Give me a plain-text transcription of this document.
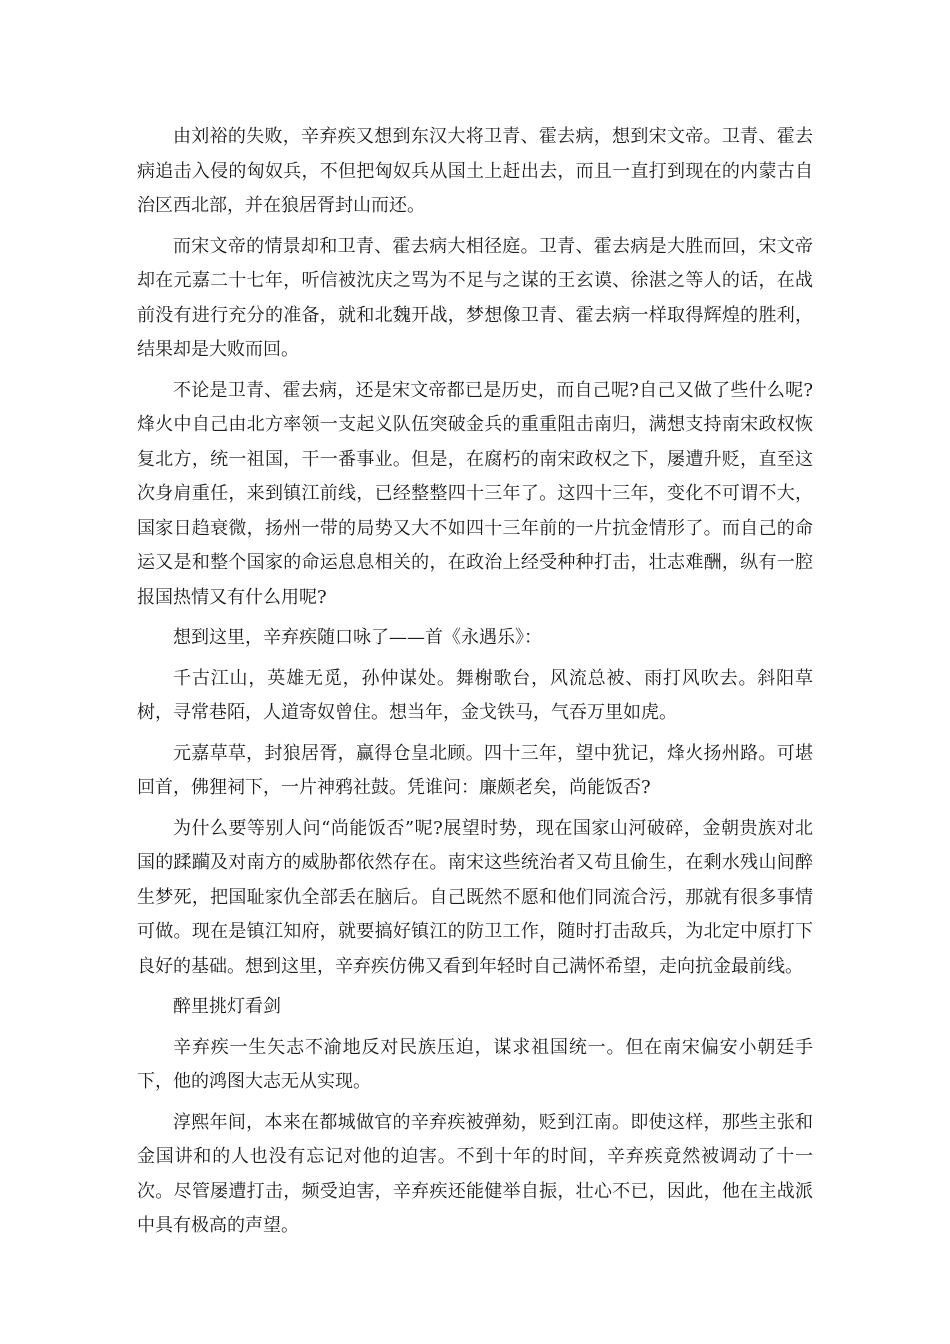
由刘裕的失败，辛弃疾又想到东汉大将卫青、霍去病，想到宋文帝。卫青、霍去病追击入侵的匈奴兵，不但把匈奴兵从国土上赶出去，而且一直打到现在的内蒙古自治区西北部，并在狼居胥封山而还。

而宋文帝的情景却和卫青、霍去病大相径庭。卫青、霍去病是大胜而回，宋文帝却在元嘉二十七年，听信被沈庆之骂为不足与之谋的王玄谟、徐湛之等人的话，在战前没有进行充分的准备，就和北魏开战，梦想像卫青、霍去病一样取得辉煌的胜利，结果却是大败而回。

不论是卫青、霍去病，还是宋文帝都已是历史，而自己呢?自己又做了些什么呢?烽火中自己由北方率领一支起义队伍突破金兵的重重阻击南归，满想支持南宋政权恢复北方，统一祖国，干一番事业。但是，在腐朽的南宋政权之下，屡遭升贬，直至这次身肩重任，来到镇江前线，已经整整四十三年了。这四十三年，变化不可谓不大，国家日趋衰微，扬州一带的局势又大不如四十三年前的一片抗金情形了。而自己的命运又是和整个国家的命运息息相关的，在政治上经受种种打击，壮志难酬，纵有一腔报国热情又有什么用呢?

想到这里，辛弃疾随口咏了——首《永遇乐》：

千古江山，英雄无觅，孙仲谋处。舞榭歌台，风流总被、雨打风吹去。斜阳草树，寻常巷陌，人道寄奴曾住。想当年，金戈铁马，气吞万里如虎。

元嘉草草，封狼居胥，赢得仓皇北顾。四十三年，望中犹记，烽火扬州路。可堪回首，佛狸祠下，一片神鸦社鼓。凭谁问：廉颇老矣，尚能饭否?

为什么要等别人问“尚能饭否”呢?展望时势，现在国家山河破碎，金朝贵族对北国的蹂躏及对南方的威胁都依然存在。南宋这些统治者又苟且偷生，在剩水残山间醉生梦死，把国耻家仇全部丢在脑后。自己既然不愿和他们同流合污，那就有很多事情可做。现在是镇江知府，就要搞好镇江的防卫工作，随时打击敌兵，为北定中原打下良好的基础。想到这里，辛弃疾仿佛又看到年轻时自己满怀希望，走向抗金最前线。

醉里挑灯看剑

辛弃疾一生矢志不渝地反对民族压迫，谋求祖国统一。但在南宋偏安小朝廷手下，他的鸿图大志无从实现。

淳熙年间，本来在都城做官的辛弃疾被弹劾，贬到江南。即使这样，那些主张和金国讲和的人也没有忘记对他的迫害。不到十年的时间，辛弃疾竟然被调动了十一次。尽管屡遭打击，频受迫害，辛弃疾还能健举自振，壮心不已，因此，他在主战派中具有极高的声望。
